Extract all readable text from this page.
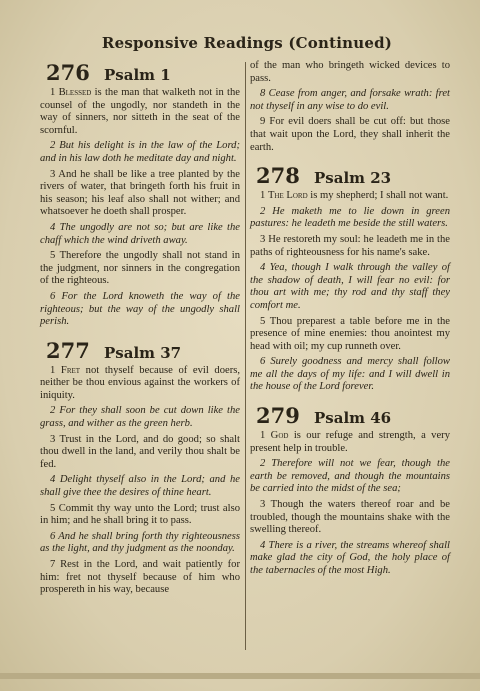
Responsive Readings (Continued)
276 Psalm 1

1 Blessed is the man that walketh not in the counsel of the ungodly, nor standeth in the way of sinners, nor sitteth in the seat of the scornful.

2 But his delight is in the law of the Lord; and in his law doth he meditate day and night.

3 And he shall be like a tree planted by the rivers of water, that bringeth forth his fruit in his season; his leaf also shall not wither; and whatsoever he doeth shall prosper.

4 The ungodly are not so; but are like the chaff which the wind driveth away.

5 Therefore the ungodly shall not stand in the judgment, nor sinners in the congregation of the righteous.

6 For the Lord knoweth the way of the righteous; but the way of the ungodly shall perish.

277 Psalm 37

1 Fret not thyself because of evil doers, neither be thou envious against the workers of iniquity.

2 For they shall soon be cut down like the grass, and wither as the green herb.

3 Trust in the Lord, and do good; so shalt thou dwell in the land, and verily thou shalt be fed.

4 Delight thyself also in the Lord; and he shall give thee the desires of thine heart.

5 Commit thy way unto the Lord; trust also in him; and he shall bring it to pass.

6 And he shall bring forth thy righteousness as the light, and thy judgment as the noonday.

7 Rest in the Lord, and wait patiently for him: fret not thyself because of him who prospereth in his way, because

of the man who bringeth wicked devices to pass.

8 Cease from anger, and forsake wrath: fret not thyself in any wise to do evil.

9 For evil doers shall be cut off: but those that wait upon the Lord, they shall inherit the earth.

278 Psalm 23

1 The Lord is my shepherd; I shall not want.

2 He maketh me to lie down in green pastures: he leadeth me beside the still waters.

3 He restoreth my soul: he leadeth me in the paths of righteousness for his name's sake.

4 Yea, though I walk through the valley of the shadow of death, I will fear no evil: for thou art with me; thy rod and thy staff they comfort me.

5 Thou preparest a table before me in the presence of mine enemies: thou anointest my head with oil; my cup runneth over.

6 Surely goodness and mercy shall follow me all the days of my life: and I will dwell in the house of the Lord forever.

279 Psalm 46

1 God is our refuge and strength, a very present help in trouble.

2 Therefore will not we fear, though the earth be removed, and though the mountains be carried into the midst of the sea;

3 Though the waters thereof roar and be troubled, though the mountains shake with the swelling thereof.

4 There is a river, the streams whereof shall make glad the city of God, the holy place of the tabernacles of the most High.
